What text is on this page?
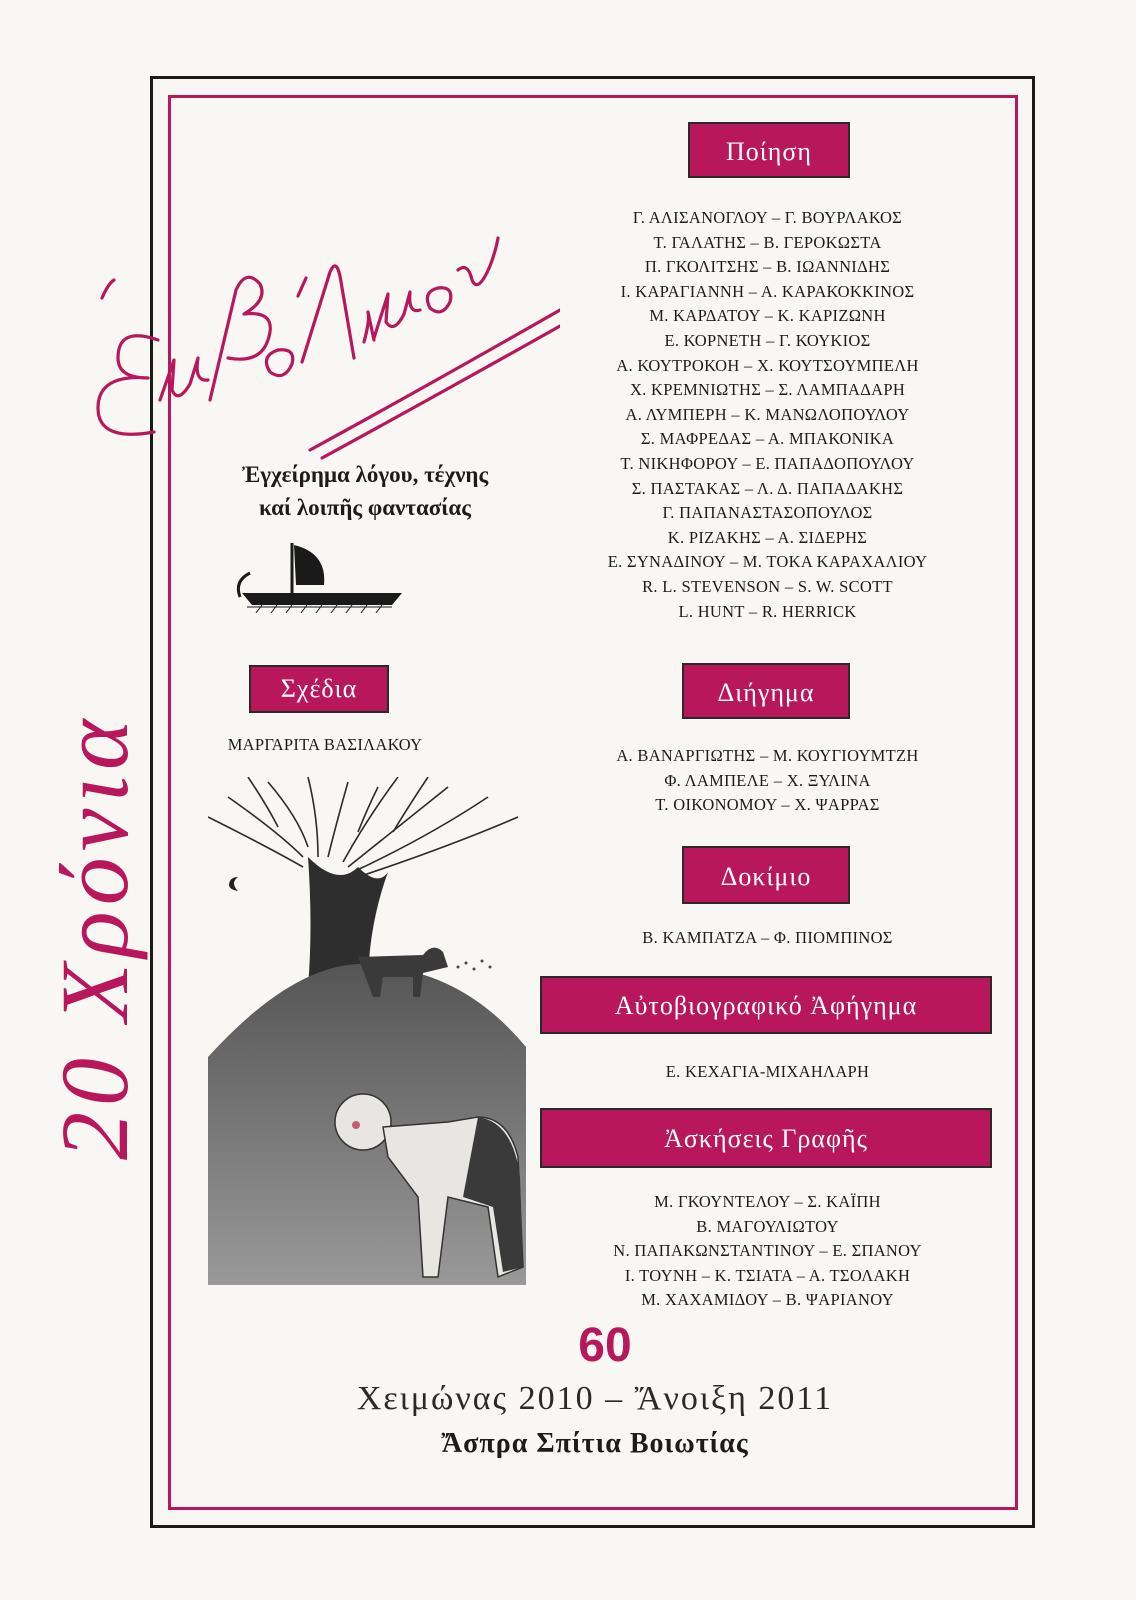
20 Χρόνια
Ἔμβόλιμον
Ἐγχείρημα λόγου, τέχνης
καί λοιπῆς φαντασίας
Σχέδια
ΜΑΡΓΑΡΙΤΑ ΒΑΣΙΛΑΚΟΥ
Ποίηση
Γ. ΑΛΙΣΑΝΟΓΛΟΥ – Γ. ΒΟΥΡΛΑΚΟΣ
Τ. ΓΑΛΑΤΗΣ – Β. ΓΕΡΟΚΩΣΤΑ
Π. ΓΚΟΛΙΤΣΗΣ – Β. ΙΩΑΝΝΙΔΗΣ
Ι. ΚΑΡΑΓΙΑΝΝΗ – Α. ΚΑΡΑΚΟΚΚΙΝΟΣ
Μ. ΚΑΡΔΑΤΟΥ – Κ. ΚΑΡΙΖΩΝΗ
Ε. ΚΟΡΝΕΤΗ – Γ. ΚΟΥΚΙΟΣ
Α. ΚΟΥΤΡΟΚΟΗ – Χ. ΚΟΥΤΣΟΥΜΠΕΛΗ
Χ. ΚΡΕΜΝΙΩΤΗΣ – Σ. ΛΑΜΠΑΔΑΡΗ
Α. ΛΥΜΠΕΡΗ – Κ. ΜΑΝΩΛΟΠΟΥΛΟΥ
Σ. ΜΑΦΡΕΔΑΣ – Α. ΜΠΑΚΟΝΙΚΑ
Τ. ΝΙΚΗΦΟΡΟΥ – Ε. ΠΑΠΑΔΟΠΟΥΛΟΥ
Σ. ΠΑΣΤΑΚΑΣ – Λ. Δ. ΠΑΠΑΔΑΚΗΣ
Γ. ΠΑΠΑΝΑΣΤΑΣΟΠΟΥΛΟΣ
Κ. ΡΙΖΑΚΗΣ – Α. ΣΙΔΕΡΗΣ
Ε. ΣΥΝΑΔΙΝΟΥ – Μ. ΤΟΚΑ ΚΑΡΑΧΑΛΙΟΥ
R. L. STEVENSON – S. W. SCOTT
L. HUNT – R. HERRICK
Διήγημα
Α. ΒΑΝΑΡΓΙΩΤΗΣ – Μ. ΚΟΥΓΙΟΥΜΤΖΗ
Φ. ΛΑΜΠΕΛΕ – Χ. ΞΥΛΙΝΑ
Τ. ΟΙΚΟΝΟΜΟΥ – Χ. ΨΑΡΡΑΣ
Δοκίμιο
Β. ΚΑΜΠΑΤΖΑ – Φ. ΠΙΟΜΠΙΝΟΣ
Αὐτοβιογραφικό Ἀφήγημα
Ε. ΚΕΧΑΓΙΑ-ΜΙΧΑΗΛΑΡΗ
Ἀσκήσεις Γραφῆς
Μ. ΓΚΟΥΝΤΕΛΟΥ – Σ. ΚΑΪΠΗ
Β. ΜΑΓΟΥΛΙΩΤΟΥ
Ν. ΠΑΠΑΚΩΝΣΤΑΝΤΙΝΟΥ – Ε. ΣΠΑΝΟΥ
Ι. ΤΟΥΝΗ – Κ. ΤΣΙΑΤΑ – Α. ΤΣΟΛΑΚΗ
Μ. ΧΑΧΑΜΙΔΟΥ – Β. ΨΑΡΙΑΝΟΥ
60
Χειμώνας 2010 – Ἄνοιξη 2011
Ἄσπρα Σπίτια Βοιωτίας
